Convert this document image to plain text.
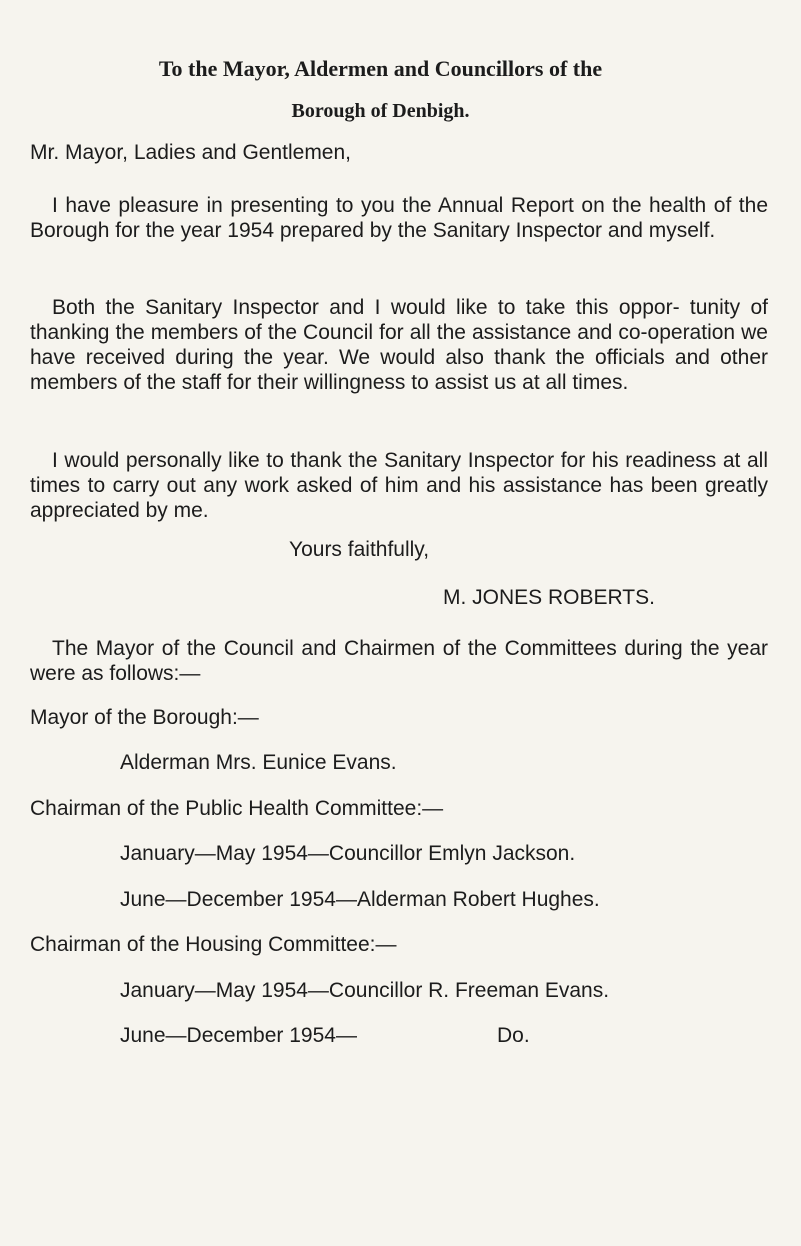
To the Mayor, Aldermen and Councillors of the
Borough of Denbigh.

Mr. Mayor, Ladies and Gentlemen,

I have pleasure in presenting to you the Annual Report on the health of the Borough for the year 1954 prepared by the Sanitary Inspector and myself.

Both the Sanitary Inspector and I would like to take this oppor- tunity of thanking the members of the Council for all the assistance and co-operation we have received during the year. We would also thank the officials and other members of the staff for their willingness to assist us at all times.

I would personally like to thank the Sanitary Inspector for his readiness at all times to carry out any work asked of him and his assistance has been greatly appreciated by me.

Yours faithfully,

M. JONES ROBERTS.

The Mayor of the Council and Chairmen of the Committees during the year were as follows:—

Mayor of the Borough:—

Alderman Mrs. Eunice Evans.

Chairman of the Public Health Committee:—

January—May 1954—Councillor Emlyn Jackson.

June—December 1954—Alderman Robert Hughes.

Chairman of the Housing Committee:—

January—May 1954—Councillor R. Freeman Evans.

June—December 1954—	Do.
